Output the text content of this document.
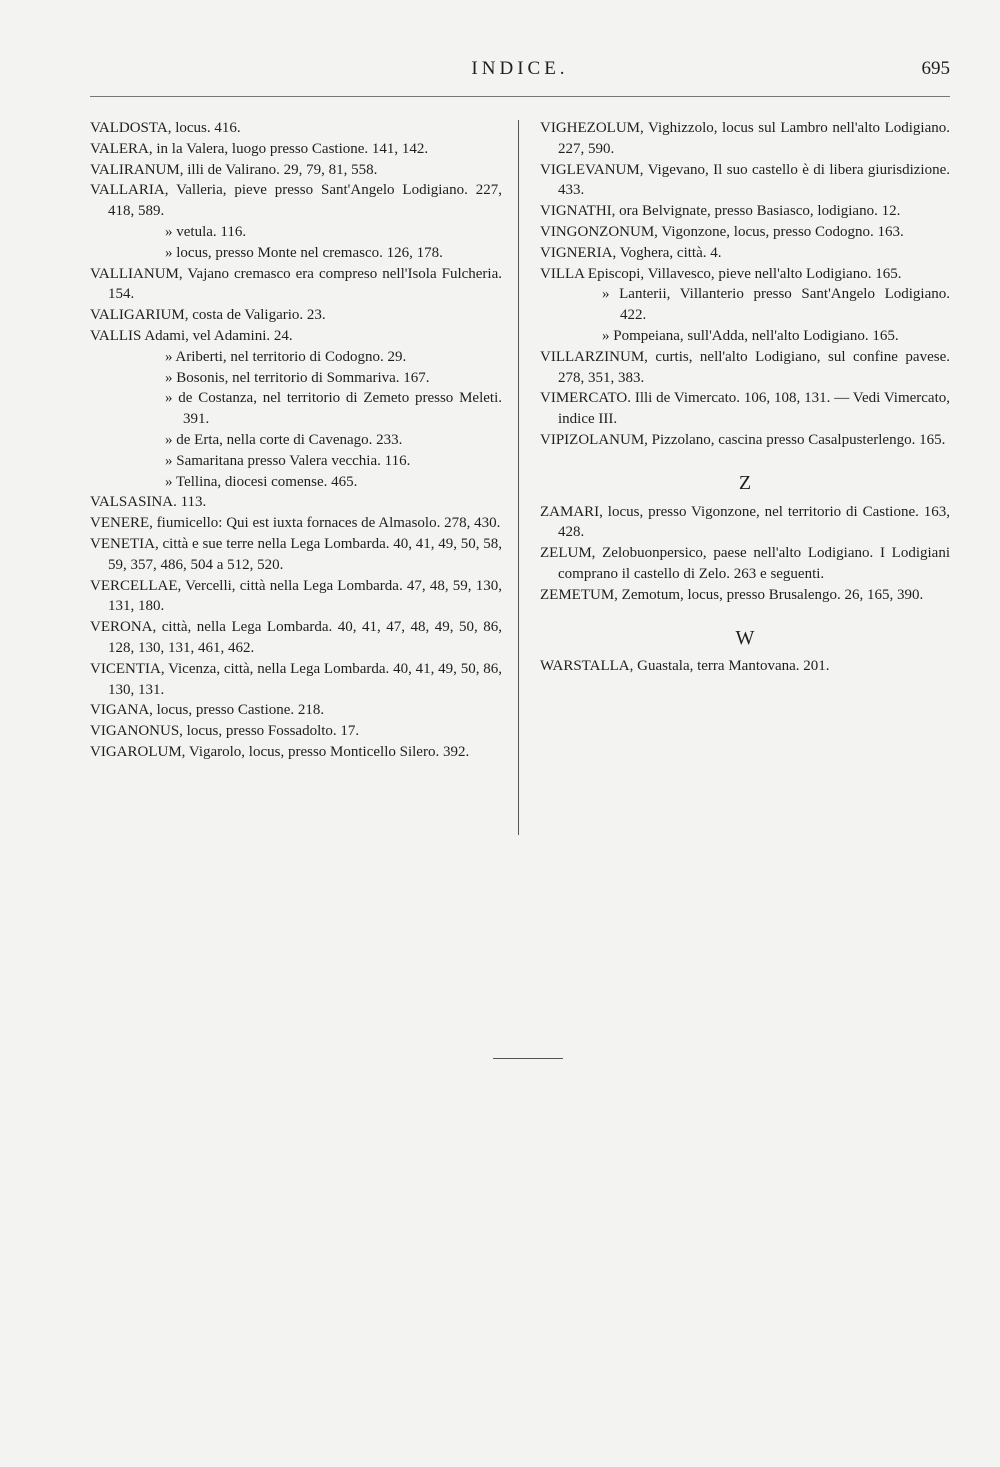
INDICE.	695
VALDOSTA, locus. 416.
VALERA, in la Valera, luogo presso Castione. 141, 142.
VALIRANUM, illi de Valirano. 29, 79, 81, 558.
VALLARIA, Valleria, pieve presso Sant'Angelo Lodigiano. 227, 418, 589.
» vetula. 116.
» locus, presso Monte nel cremasco. 126, 178.
VALLIANUM, Vajano cremasco era compreso nell'Isola Fulcheria. 154.
VALIGARIUM, costa de Valigario. 23.
VALLIS Adami, vel Adamini. 24.
» Ariberti, nel territorio di Codogno. 29.
» Bosonis, nel territorio di Sommariva. 167.
» de Costanza, nel territorio di Zemeto presso Meleti. 391.
» de Erta, nella corte di Cavenago. 233.
» Samaritana presso Valera vecchia. 116.
» Tellina, diocesi comense. 465.
VALSASINA. 113.
VENERE, fiumicello: Qui est iuxta fornaces de Almasolo. 278, 430.
VENETIA, città e sue terre nella Lega Lombarda. 40, 41, 49, 50, 58, 59, 357, 486, 504 a 512, 520.
VERCELLAE, Vercelli, città nella Lega Lombarda. 47, 48, 59, 130, 131, 180.
VERONA, città, nella Lega Lombarda. 40, 41, 47, 48, 49, 50, 86, 128, 130, 131, 461, 462.
VICENTIA, Vicenza, città, nella Lega Lombarda. 40, 41, 49, 50, 86, 130, 131.
VIGANA, locus, presso Castione. 218.
VIGANONUS, locus, presso Fossadolto. 17.
VIGAROLUM, Vigarolo, locus, presso Monticello Silero. 392.
VIGHEZOLUM, Vighizzolo, locus sul Lambro nell'alto Lodigiano. 227, 590.
VIGLEVANUM, Vigevano, Il suo castello è di libera giurisdizione. 433.
VIGNATHI, ora Belvignate, presso Basiasco, lodigiano. 12.
VINGONZONUM, Vigonzone, locus, presso Codogno. 163.
VIGNERIA, Voghera, città. 4.
VILLA Episcopi, Villavesco, pieve nell'alto Lodigiano. 165.
» Lanterii, Villanterio presso Sant'Angelo Lodigiano. 422.
» Pompeiana, sull'Adda, nell'alto Lodigiano. 165.
VILLARZINUM, curtis, nell'alto Lodigiano, sul confine pavese. 278, 351, 383.
VIMERCATO. Illi de Vimercato. 106, 108, 131. — Vedi Vimercato, indice III.
VIPIZOLANUM, Pizzolano, cascina presso Casalpusterlengo. 165.
Z
ZAMARI, locus, presso Vigonzone, nel territorio di Castione. 163, 428.
ZELUM, Zelobuonpersico, paese nell'alto Lodigiano. I Lodigiani comprano il castello di Zelo. 263 e seguenti.
ZEMETUM, Zemotum, locus, presso Brusalengo. 26, 165, 390.
W
WARSTALLA, Guastala, terra Mantovana. 201.
